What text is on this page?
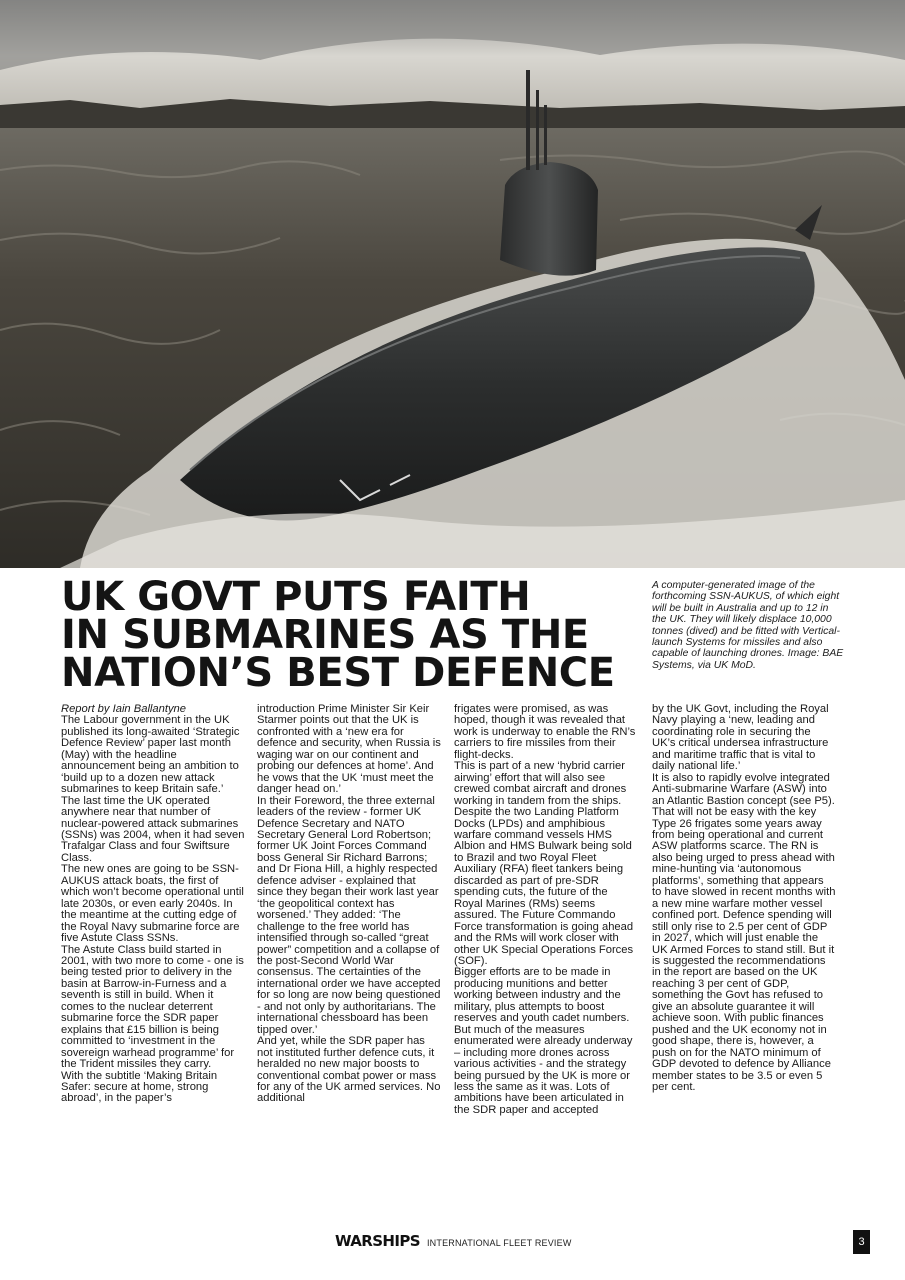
UK GOVT PUTS FAITH
IN SUBMARINES AS THE
NATION’S BEST DEFENCE

A computer-generated image of the forthcoming SSN-AUKUS, of which eight will be built in Australia and up to 12 in the UK. They will likely displace 10,000 tonnes (dived) and be fitted with Vertical-launch Systems for missiles and also capable of launching drones. Image: BAE Systems, via UK MoD.

Report by Iain Ballantyne

The Labour government in the UK published its long-awaited ‘Strategic Defence Review’ paper last month (May) with the headline announcement being an ambition to ‘build up to a dozen new attack submarines to keep Britain safe.’

The last time the UK operated anywhere near that number of nuclear-powered attack submarines (SSNs) was 2004, when it had seven Trafalgar Class and four Swiftsure Class.

The new ones are going to be SSN-AUKUS attack boats, the first of which won’t become operational until late 2030s, or even early 2040s. In the meantime at the cutting edge of the Royal Navy submarine force are five Astute Class SSNs.

The Astute Class build started in 2001, with two more to come - one is being tested prior to delivery in the basin at Barrow-in-Furness and a seventh is still in build. When it comes to the nuclear deterrent submarine force the SDR paper explains that £15 billion is being committed to ‘investment in the sovereign warhead programme’ for the Trident missiles they carry.

With the subtitle ‘Making Britain Safer: secure at home, strong abroad’, in the paper’s

introduction Prime Minister Sir Keir Starmer points out that the UK is confronted with a ‘new era for defence and security, when Russia is waging war on our continent and probing our defences at home’. And he vows that the UK ‘must meet the danger head on.’

In their Foreword, the three external leaders of the review - former UK Defence Secretary and NATO Secretary General Lord Robertson; former UK Joint Forces Command boss General Sir Richard Barrons; and Dr Fiona Hill, a highly respected defence adviser - explained that since they began their work last year ‘the geopolitical context has worsened.’ They added: ‘The challenge to the free world has intensified through so-called “great power” competition and a collapse of the post-Second World War consensus. The certainties of the international order we have accepted for so long are now being questioned - and not only by authoritarians. The international chessboard has been tipped over.’

And yet, while the SDR paper has not instituted further defence cuts, it heralded no new major boosts to conventional combat power or mass for any of the UK armed services. No additional

frigates were promised, as was hoped, though it was revealed that work is underway to enable the RN’s carriers to fire missiles from their flight-decks.

This is part of a new ‘hybrid carrier airwing’ effort that will also see crewed combat aircraft and drones working in tandem from the ships. Despite the two Landing Platform Docks (LPDs) and amphibious warfare command vessels HMS Albion and HMS Bulwark being sold to Brazil and two Royal Fleet Auxiliary (RFA) fleet tankers being discarded as part of pre-SDR spending cuts, the future of the Royal Marines (RMs) seems assured. The Future Commando Force transformation is going ahead and the RMs will work closer with other UK Special Operations Forces (SOF).

Bigger efforts are to be made in producing munitions and better working between industry and the military, plus attempts to boost reserves and youth cadet numbers. But much of the measures enumerated were already underway – including more drones across various activities - and the strategy being pursued by the UK is more or less the same as it was. Lots of ambitions have been articulated in the SDR paper and accepted

by the UK Govt, including the Royal Navy playing a ‘new, leading and coordinating role in securing the UK’s critical undersea infrastructure and maritime traffic that is vital to daily national life.’

It is also to rapidly evolve integrated Anti-submarine Warfare (ASW) into an Atlantic Bastion concept (see P5). That will not be easy with the key Type 26 frigates some years away from being operational and current ASW platforms scarce. The RN is also being urged to press ahead with mine-hunting via ‘autonomous platforms’, something that appears to have slowed in recent months with a new mine warfare mother vessel confined port. Defence spending will still only rise to 2.5 per cent of GDP in 2027, which will just enable the UK Armed Forces to stand still. But it is suggested the recommendations in the report are based on the UK reaching 3 per cent of GDP, something the Govt has refused to give an absolute guarantee it will achieve soon. With public finances pushed and the UK economy not in good shape, there is, however, a push on for the NATO minimum of GDP devoted to defence by Alliance member states to be 3.5 or even 5 per cent.

WARSHIPS INTERNATIONAL FLEET REVIEW	3
